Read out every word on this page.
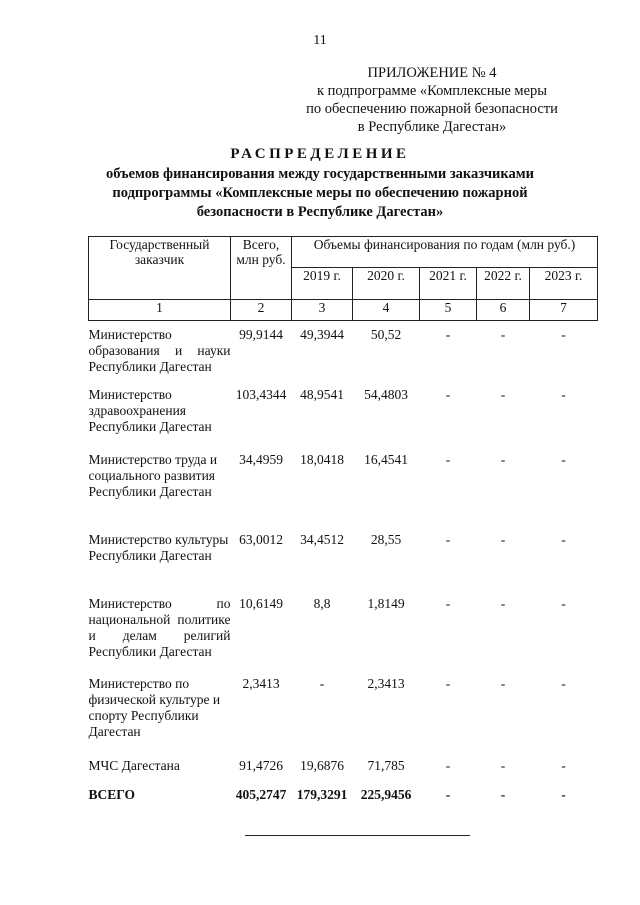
11
ПРИЛОЖЕНИЕ № 4
к подпрограмме «Комплексные меры
по обеспечению пожарной безопасности
в Республике Дагестан»
РАСПРЕДЕЛЕНИЕ
объемов финансирования между государственными заказчиками
подпрограммы «Комплексные меры по обеспечению пожарной
безопасности в Республике Дагестан»
Государственный заказчик	Всего, млн руб.	Объемы финансирования по годам (млн руб.)				
		2019 г.	2020 г.	2021 г.	2022 г.	2023 г.
1	2	3	4	5	6	7
Министерство образования и науки Республики Дагестан	99,9144	49,3944	50,52	-	-	-
Министерство здравоохранения Республики Дагестан	103,4344	48,9541	54,4803	-	-	-
Министерство труда и социального развития Республики Дагестан	34,4959	18,0418	16,4541	-	-	-
Министерство культуры Республики Дагестан	63,0012	34,4512	28,55	-	-	-
Министерство по национальной политике и делам религий Республики Дагестан	10,6149	8,8	1,8149	-	-	-
Министерство по физической культуре и спорту Республики Дагестан	2,3413	-	2,3413	-	-	-
МЧС Дагестана	91,4726	19,6876	71,785	-	-	-
ВСЕГО	405,2747	179,3291	225,9456	-	-	-
